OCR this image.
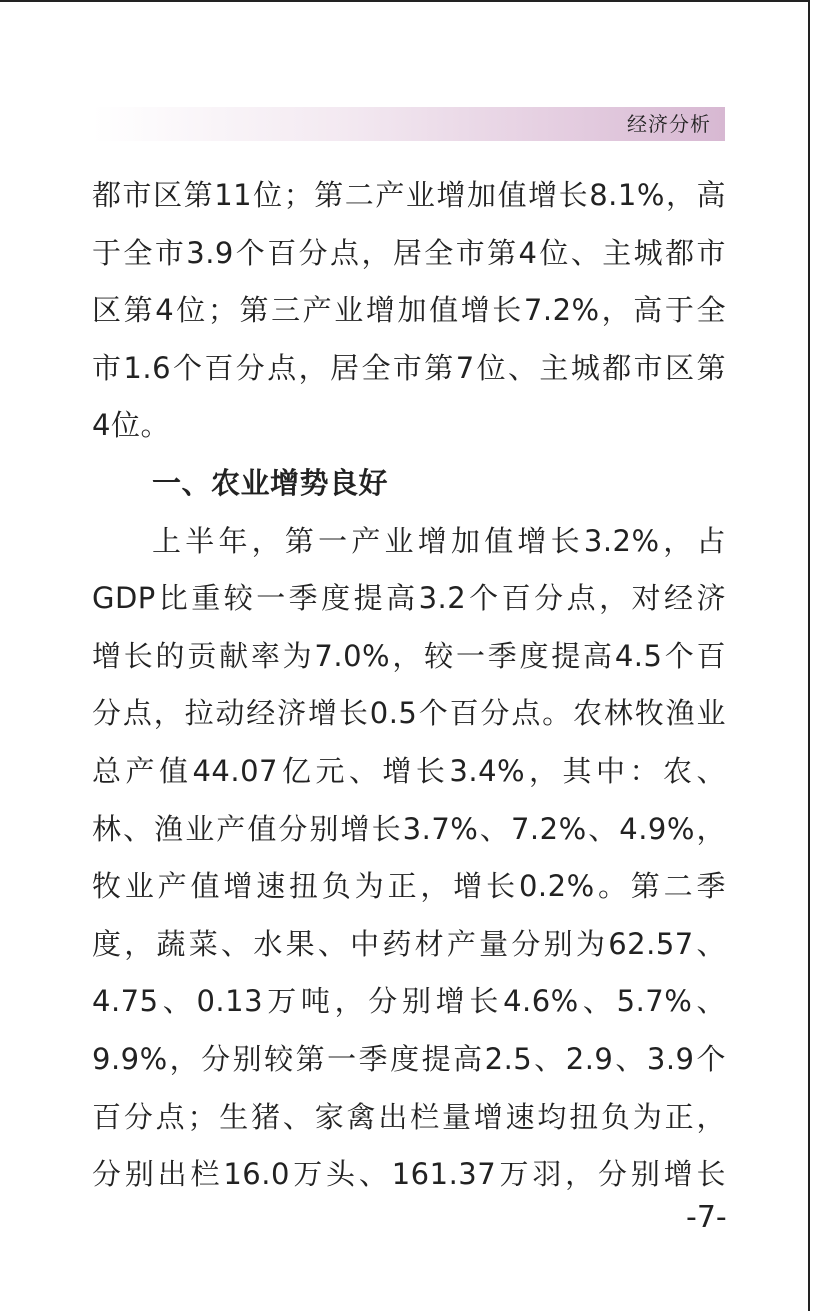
经济分析
都市区第11位；第二产业增加值增长8.1%，高
于全市3.9个百分点，居全市第4位、主城都市
区第4位；第三产业增加值增长7.2%，高于全
市1.6个百分点，居全市第7位、主城都市区第
4位。
一、农业增势良好
上半年，第一产业增加值增长3.2%，占
GDP比重较一季度提高3.2个百分点，对经济
增长的贡献率为7.0%，较一季度提高4.5个百
分点，拉动经济增长0.5个百分点。农林牧渔业
总产值44.07亿元、增长3.4%，其中：农、
林、渔业产值分别增长3.7%、7.2%、4.9%，
牧业产值增速扭负为正，增长0.2%。第二季
度，蔬菜、水果、中药材产量分别为62.57、
4.75、0.13万吨，分别增长4.6%、5.7%、
9.9%，分别较第一季度提高2.5、2.9、3.9个
百分点；生猪、家禽出栏量增速均扭负为正，
分别出栏16.0万头、161.37万羽，分别增长
-7-
